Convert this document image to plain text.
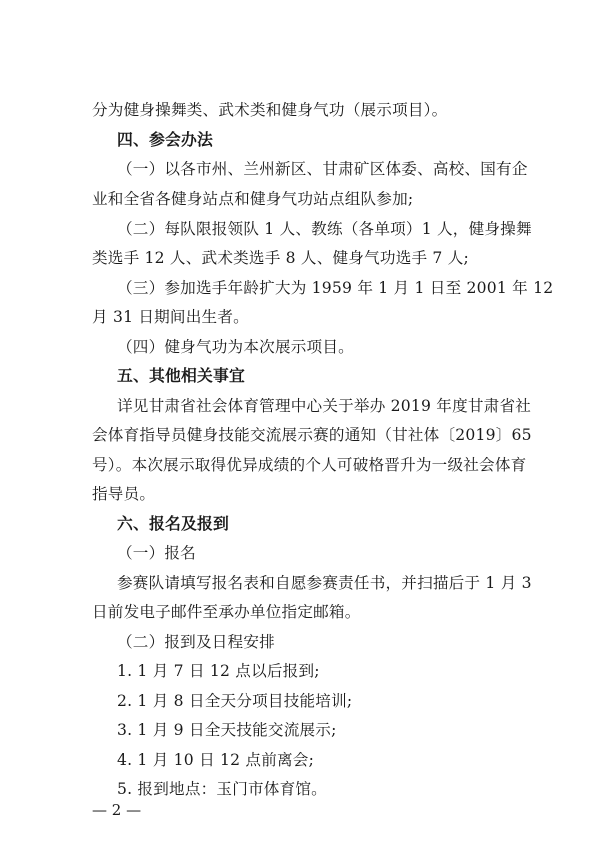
分为健身操舞类、武术类和健身气功（展示项目）。
四、参会办法
（一）以各市州、兰州新区、甘肃矿区体委、高校、国有企
业和全省各健身站点和健身气功站点组队参加;
（二）每队限报领队 1 人、教练（各单项）1 人，健身操舞
类选手 12 人、武术类选手 8 人、健身气功选手 7 人;
（三）参加选手年龄扩大为 1959 年 1 月 1 日至 2001 年 12
月 31 日期间出生者。
（四）健身气功为本次展示项目。
五、其他相关事宜
详见甘肃省社会体育管理中心关于举办 2019 年度甘肃省社
会体育指导员健身技能交流展示赛的通知（甘社体〔2019〕65
号）。本次展示取得优异成绩的个人可破格晋升为一级社会体育
指导员。
六、报名及报到
（一）报名
参赛队请填写报名表和自愿参赛责任书，并扫描后于 1 月 3
日前发电子邮件至承办单位指定邮箱。
（二）报到及日程安排
1. 1 月 7 日 12 点以后报到;
2. 1 月 8 日全天分项目技能培训;
3. 1 月 9 日全天技能交流展示;
4. 1 月 10 日 12 点前离会;
5. 报到地点：玉门市体育馆。
— 2 —
